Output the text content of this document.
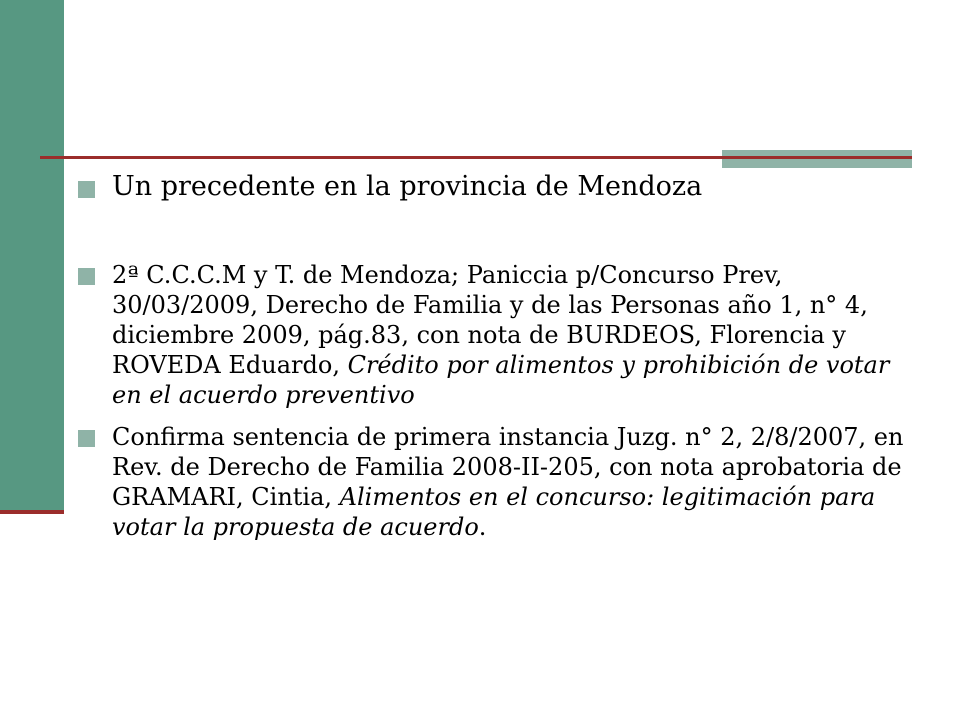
Un precedente en la provincia de Mendoza
2ª C.C.C.M y T. de Mendoza; Paniccia p/Concurso Prev, 30/03/2009, Derecho de Familia y de las Personas año 1, n° 4, diciembre 2009, pág.83, con nota de BURDEOS, Florencia y ROVEDA Eduardo, Crédito por alimentos y prohibición de votar en el acuerdo preventivo
Confirma sentencia de primera instancia Juzg. n° 2, 2/8/2007, en Rev. de Derecho de Familia 2008-II-205, con nota aprobatoria de GRAMARI, Cintia, Alimentos en el concurso: legitimación para votar la propuesta de acuerdo.
